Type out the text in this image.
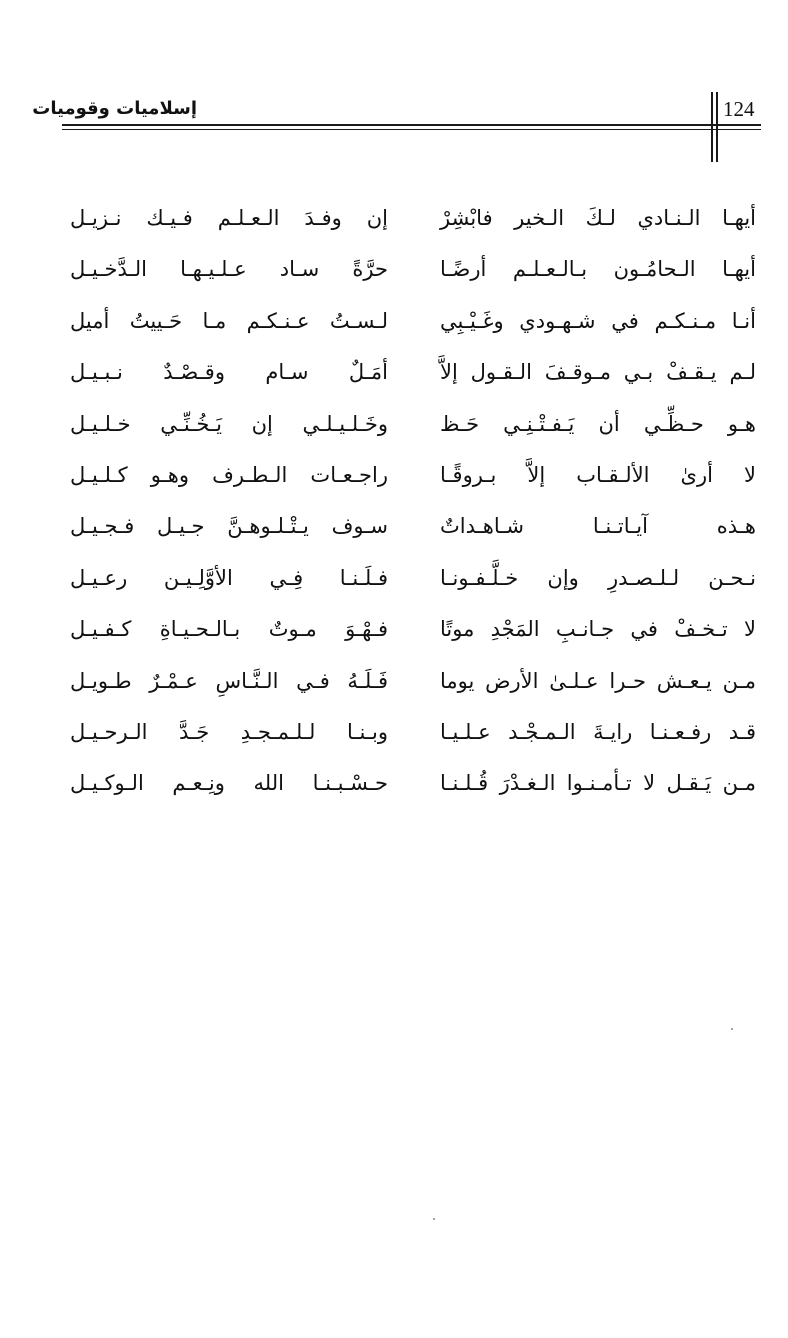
124
إسلاميات وقوميات
أيهـا الـنـادي لـكَ الـخير فابْشِرْ
إن وفـدَ الـعـلـم فـيـك نـزيـل
أيهـا الـحامُـون بـالـعـلـم أرضًـا
حرَّةً سـاد عـلـيـهـا الـدَّخـيـل
أنـا مـنـكـم في شـهـودي وغَـيْـبِي
لـسـتُ عـنـكـم مـا حَـييتُ أميل
لـم يـقـفْ بـي مـوقـفَ الـقـول إلاَّ
أمَـلٌ سـام وقـصْـدٌ نـبـيـل
هـو حـظِّـي أن يَـفـتْـنِـي حَـظ
وخَـلـيـلـي إن يَـخُـنِّـي خـلـيـل
لا أرىٰ الألـقـاب إلاَّ بـروقًـا
راجـعـات الـطـرف وهـو كـلـيـل
هـذه آيـاتـنـا شـاهـداتٌ
سـوف يـتْـلـوهـنَّ جـيـل فـجـيـل
نـحـن لـلـصـدرِ وإن خـلَّـفـونـا
فـلَـنـا فِـي الأوَّلِـيـن رعـيـل
لا تـخـفْ في جـانـبِ المَجْدِ موتًا
فـهْـوَ مـوتٌ بـالـحـيـاةِ كـفـيـل
مـن يـعـش حـرا عـلـىٰ الأرض يوما
فَـلَـهُ فـي الـنَّـاسِ عـمْـرٌ طـويـل
قـد رفـعـنـا رايـةَ الـمـجْـد عـلـيـا
وبـنـا لـلـمـجـدِ جَـدَّ الـرحـيـل
مـن يَـقـل لا تـأمـنـوا الـغـدْرَ قُـلـنـا
حـسْـبـنـا الله ونِـعـم الـوكـيـل
